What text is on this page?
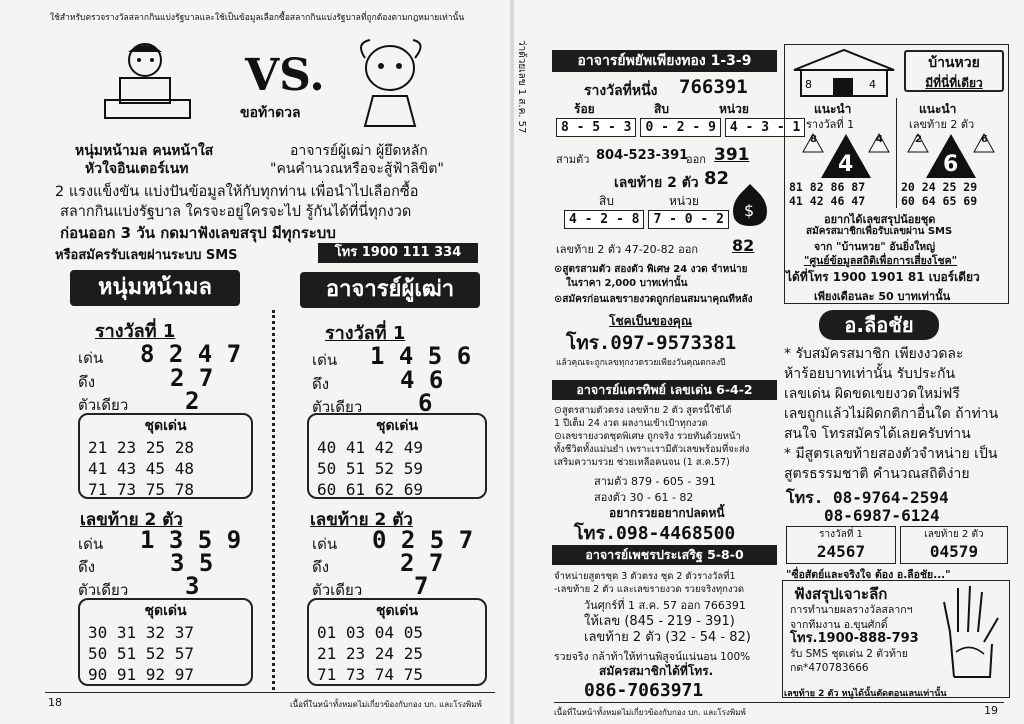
ใช้สำหรับตรวจรางวัลสลากกินแบ่งรัฐบาลและใช้เป็นข้อมูลเลือกซื้อสลากกินแบ่งรัฐบาลที่ถูกต้องตามกฎหมายเท่านั้น
VS.
ขอท้าดวล
หนุ่มหน้ามล คนหน้าใส
หัวใจอินเตอร์เนท
อาจารย์ผู้เฒ่า ผู้ยึดหลัก
"คนคำนวณหรือจะสู้ฟ้าลิขิต"
2 แรงแข็งขัน แบ่งปันข้อมูลให้กับทุกท่าน เพื่อนำไปเลือกซื้อ
สลากกินแบ่งรัฐบาล ใครจะอยู่ใครจะไป รู้กันได้ที่นี่ทุกงวด
ก่อนออก 3 วัน กดมาฟังเลขสรุป มีทุกระบบ
หรือสมัครรับเลขผ่านระบบ SMS	โทร 1900 111 334
หนุ่มหน้ามล	อาจารย์ผู้เฒ่า
รางวัลที่ 1
เด่น 8 2 4 7
ดึง	2 7
ตัวเดียว 2
ชุดเด่น
21 23 25 28
41 43 45 48
71 73 75 78
เลขท้าย 2 ตัว
เด่น 1 3 5 9
ดึง	3 5
ตัวเดียว 3
ชุดเด่น
30 31 32 37
50 51 52 57
90 91 92 97
รางวัลที่ 1
เด่น 1 4 5 6
ดึง	4 6
ตัวเดียว 6
ชุดเด่น
40 41 42 49
50 51 52 59
60 61 62 69
เลขท้าย 2 ตัว
เด่น 0 2 5 7
ดึง	2 7
ตัวเดียว 7
ชุดเด่น
01 03 04 05
21 23 24 25
71 73 74 75
18	เนื้อที่ในหน้าทั้งหมดไม่เกี่ยวข้องกับกอง บก. และโรงพิมพ์
ว่าด้วยเลข 1 ส.ค. 57	อาจารย์พยัพเพียงทอง 1-3-9
รางวัลที่หนึ่ง 766391
ร้อย	สิบ	หน่วย
8 - 5 - 3	0 - 2 - 9	4 - 3 - 1
สามตัว 804-523-391
ออก 391
เลขท้าย 2 ตัว 82
สิบ	หน่วย	$
4 - 2 - 8	7 - 0 - 2
เลขท้าย 2 ตัว 47-20-82 ออก 82
⊙สูตรสามตัว สองตัว พิเศษ 24 งวด จำหน่าย
ในราคา 2,000 บาทเท่านั้น
⊙สมัครก่อนเลขรายงวดถูกก่อนสมนาคุณทีหลัง
โชคเป็นของคุณ
โทร.097-9573381
แล้วคุณจะถูกเลขทุกงวดรวยเพียงวันคุณตกลงปี
8	4
บ้านหวย
มีที่นี่ที่เดียว
แนะนำ
รางวัลที่ 1
แนะนำ
เลขท้าย 2 ตัว
8	4
4
2	6
6
81 82 86 87
41 42 46 47
20 24 25 29
60 64 65 69
อยากได้เลขสรุปน้อยชุด
สมัครสมาชิกเพื่อรับเลขผ่าน SMS
จาก "บ้านหวย" อันยิ่งใหญ่
"ศูนย์ข้อมูลสถิติเพื่อการเสี่ยงโชค"
ได้ที่โทร 1900 1901 81 เบอร์เดียว
เพียงเดือนละ 50 บาทเท่านั้น
อาจารย์แตรทิพย์ เลขเด่น 6-4-2
⊙สูตรสามตัวตรง เลขท้าย 2 ตัว สูตรนี้ใช้ได้
1 ปีเต็ม 24 งวด ผลงานเข้าเป้าทุกงวด
⊙เลขรายงวดชุดพิเศษ ถูกจริง รวยทันด้วยหน้า
ทั้งชีวิตทั้งแม่นยำ เพราะเรามีตัวเลขพร้อมที่จะส่ง
เสริมความรวย ช่วยเหลือคนจน (1 ส.ค.57)
สามตัว 879 - 605 - 391
สองตัว 30 - 61 - 82
อยากรวยอยากปลดหนี้
โทร.098-4468500
อาจารย์เพชรประเสริฐ 5-8-0
จำหน่ายสูตรชุด 3 ตัวตรง ชุด 2 ตัวรางวัลที่1
-เลขท้าย 2 ตัว และเลขรายงวด รวยจริงทุกงวด
วันศุกร์ที่ 1 ส.ค. 57 ออก 766391
ให้เลข (845 - 219 - 391)
เลขท้าย 2 ตัว (32 - 54 - 82)
รวยจริง กล้าท้าให้ท่านพิสูจน์แน่นอน 100%
สมัครสมาชิกได้ที่โทร.
086-7063971
อ.ลือชัย
* รับสมัครสมาชิก เพียงงวดละ
ห้าร้อยบาทเท่านั้น รับประกัน
เลขเด่น ผิดขดเขยงวดใหม่ฟรี
เลขถูกแล้วไม่ผิดกติกาอื่นใด ถ้าท่าน
สนใจ โทรสมัครได้เลยครับท่าน
* มีสูตรเลขท้ายสองตัวจำหน่าย เป็น
สูตรธรรมชาติ คำนวณสถิติง่าย
โทร. 08-9764-2594
08-6987-6124
รางวัลที่ 1
24567
เลขท้าย 2 ตัว
04579
"ซื่อสัตย์และจริงใจ ต้อง อ.ลือชัย..."
ฟังสรุปเจาะลึก
การทำนายผลรางวัลสลากฯ
จากทีมงาน อ.ขุนศักดิ์
โทร.1900-888-793
รับ SMS ชุดเด่น 2 ตัวท้าย
กด*470783666
เลขท้าย 2 ตัว หนูได้นั้นตัดตอนเลนเท่านั้น
เนื้อที่ในหน้าทั้งหมดไม่เกี่ยวข้องกับกอง บก. และโรงพิมพ์	19
